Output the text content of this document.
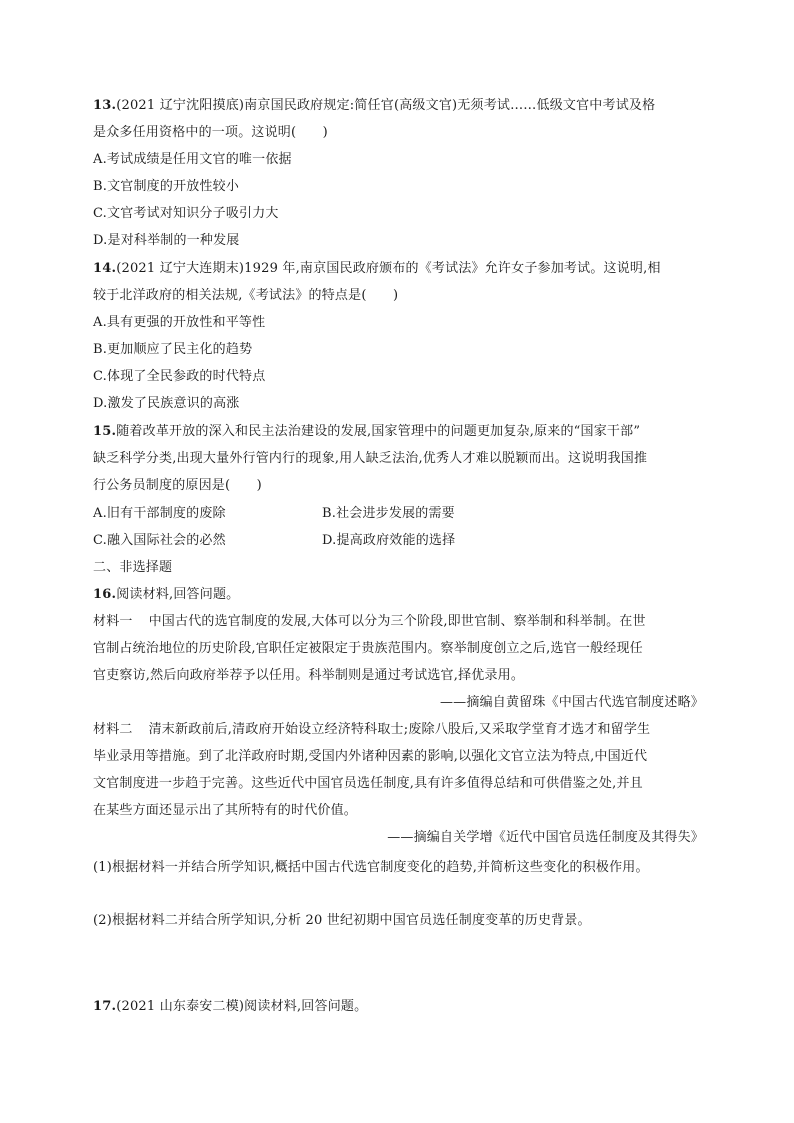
13.(2021 辽宁沈阳摸底)南京国民政府规定:简任官(高级文官)无须考试……低级文官中考试及格
是众多任用资格中的一项。这说明(　　)
A.考试成绩是任用文官的唯一依据
B.文官制度的开放性较小
C.文官考试对知识分子吸引力大
D.是对科举制的一种发展
14.(2021 辽宁大连期末)1929 年,南京国民政府颁布的《考试法》允许女子参加考试。这说明,相
较于北洋政府的相关法规,《考试法》的特点是(　　)
A.具有更强的开放性和平等性
B.更加顺应了民主化的趋势
C.体现了全民参政的时代特点
D.激发了民族意识的高涨
15.随着改革开放的深入和民主法治建设的发展,国家管理中的问题更加复杂,原来的“国家干部”
缺乏科学分类,出现大量外行管内行的现象,用人缺乏法治,优秀人才难以脱颖而出。这说明我国推
行公务员制度的原因是(　　)
A.旧有干部制度的废除	B.社会进步发展的需要
C.融入国际社会的必然	D.提高政府效能的选择
二、非选择题
16.阅读材料,回答问题。
材料一 中国古代的选官制度的发展,大体可以分为三个阶段,即世官制、察举制和科举制。在世
官制占统治地位的历史阶段,官职任定被限定于贵族范围内。察举制度创立之后,选官一般经现任
官吏察访,然后向政府举荐予以任用。科举制则是通过考试选官,择优录用。
——摘编自黄留珠《中国古代选官制度述略》
材料二 清末新政前后,清政府开始设立经济特科取士;废除八股后,又采取学堂育才选才和留学生
毕业录用等措施。到了北洋政府时期,受国内外诸种因素的影响,以强化文官立法为特点,中国近代
文官制度进一步趋于完善。这些近代中国官员选任制度,具有许多值得总结和可供借鉴之处,并且
在某些方面还显示出了其所特有的时代价值。
——摘编自关学增《近代中国官员选任制度及其得失》
(1)根据材料一并结合所学知识,概括中国古代选官制度变化的趋势,并简析这些变化的积极作用。
(2)根据材料二并结合所学知识,分析 20 世纪初期中国官员选任制度变革的历史背景。
17.(2021 山东泰安二模)阅读材料,回答问题。
